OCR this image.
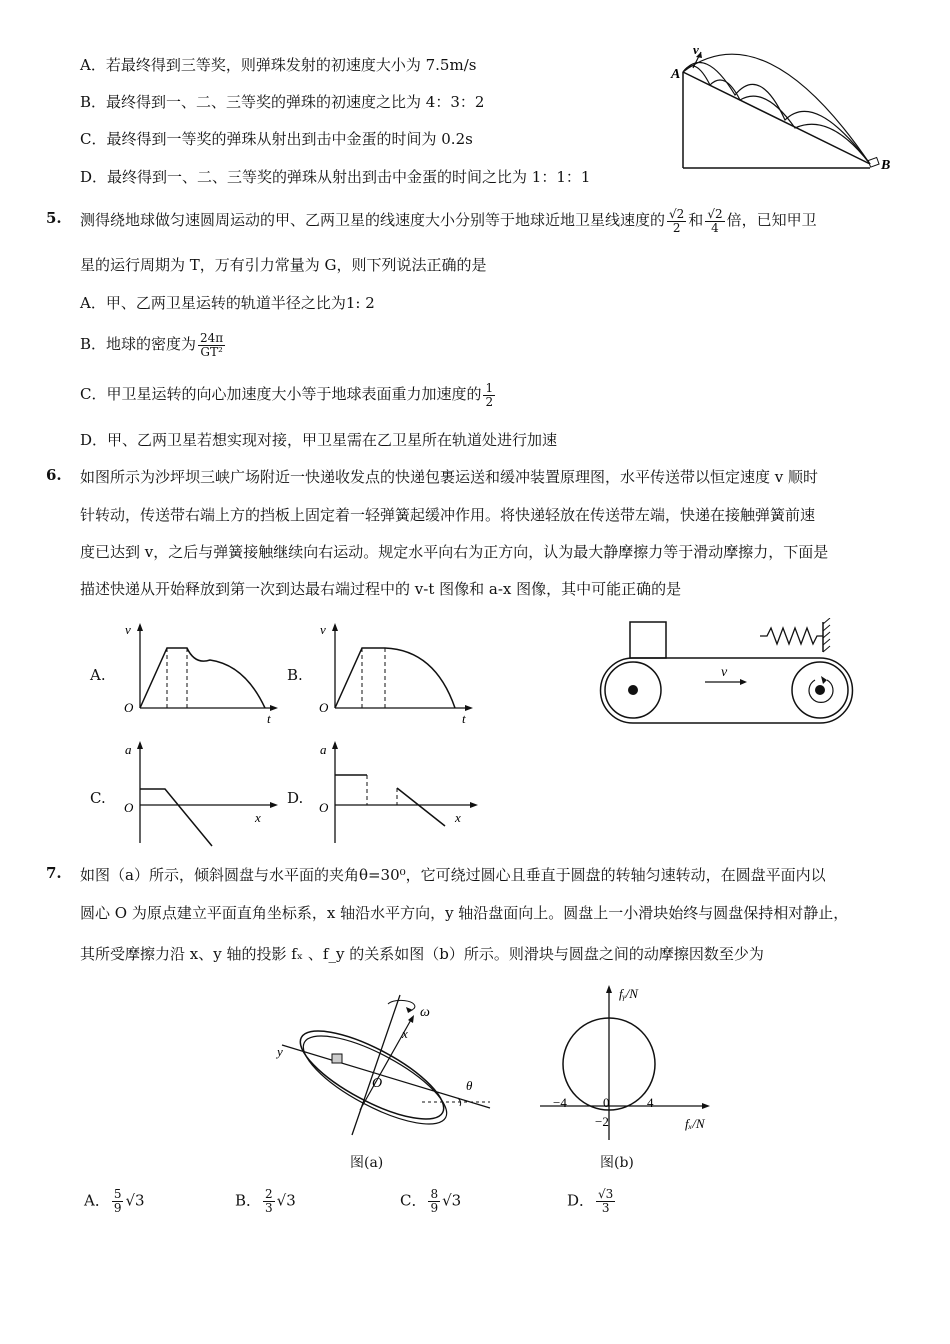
A．若最终得到三等奖，则弹珠发射的初速度大小为 7.5m/s
B．最终得到一、二、三等奖的弹珠的初速度之比为 4：3：2
C．最终得到一等奖的弹珠从射出到击中金蛋的时间为 0.2s
D．最终得到一、二、三等奖的弹珠从射出到击中金蛋的时间之比为 1：1：1
A
B
v
5. 测得绕地球做匀速圆周运动的甲、乙两卫星的线速度大小分别等于地球近地卫星线速度的 $\frac{√2}{2}$ 和 $\frac{√2}{4}$ 倍，已知甲卫
星的运行周期为 T，万有引力常量为 G，则下列说法正确的是
A．甲、乙两卫星运转的轨道半径之比为1: 2
B．地球的密度为 $\frac{24\pi}{\text{GT²}}$
C．甲卫星运转的向心加速度大小等于地球表面重力加速度的 $\frac{1}{2}$
D．甲、乙两卫星若想实现对接，甲卫星需在乙卫星所在轨道处进行加速
6. 如图所示为沙坪坝三峡广场附近一快递收发点的快递包裹运送和缓冲装置原理图，水平传送带以恒定速度 v 顺时
针转动，传送带右端上方的挡板上固定着一轻弹簧起缓冲作用。将快递轻放在传送带左端，快递在接触弹簧前速
度已达到 v，之后与弹簧接触继续向右运动。规定水平向右为正方向，认为最大静摩擦力等于滑动摩擦力，下面是
描述快递从开始释放到第一次到达最右端过程中的 v-t 图像和 a-x 图像，其中可能正确的是
A.
v
O
t
B.
v
O
t
v
C.
a
O
x
D.
a
O
x
7. 如图（a）所示，倾斜圆盘与水平面的夹角θ=30⁰，它可绕过圆心且垂直于圆盘的转轴匀速转动，在圆盘平面内以
圆心 O 为原点建立平面直角坐标系，x 轴沿水平方向，y 轴沿盘面向上。圆盘上一小滑块始终与圆盘保持相对静止，
其所受摩擦力沿 x、y 轴的投影 fₓ 、f_y 的关系如图（b）所示。则滑块与圆盘之间的动摩擦因数至少为
ω
x
y
O	θ
图(a)
fᵧ/N
fₓ/N
−4	0	4
−2
图(b)
A． $\frac{5}{9} √3$	B． $\frac{2}{3} √3$	C． $\frac{8}{9} √3$	D． $\frac{√3}{3}$
